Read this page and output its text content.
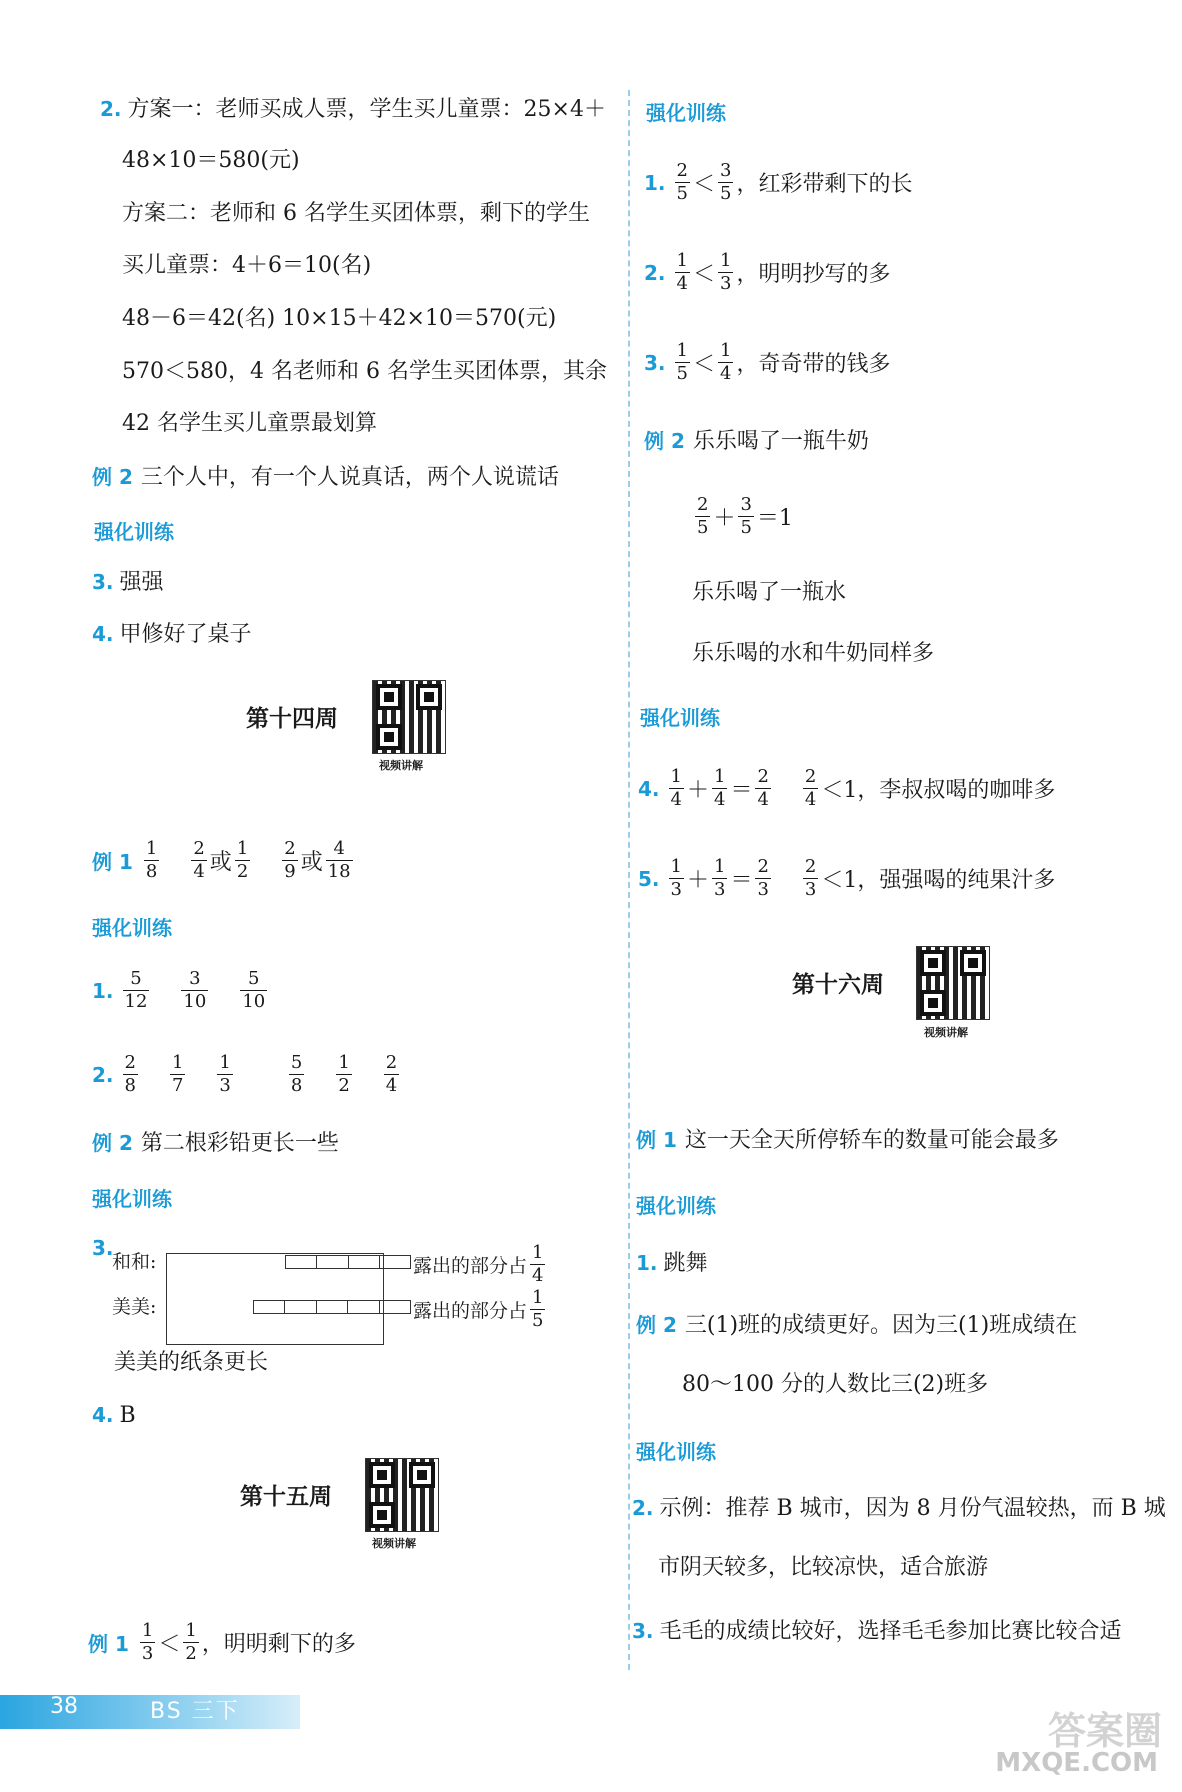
2. 方案一：老师买成人票，学生买儿童票：25×4＋
48×10＝580(元)
方案二：老师和 6 名学生买团体票，剩下的学生
买儿童票：4＋6＝10(名)
48－6＝42(名) 10×15＋42×10＝570(元)
570＜580，4 名老师和 6 名学生买团体票，其余
42 名学生买儿童票最划算
例 2 三个人中，有一个人说真话，两个人说谎话
强化训练
3. 强强
4. 甲修好了桌子
第十四周
视频讲解
例 $1 \frac{1}{8} \frac{2}{4}$ 或 $\frac{1}{2} \frac{2}{9}$ 或 $\frac{4}{18}$
强化训练
1. $\frac{5}{12} \frac{3}{10} \frac{5}{10}$
2. $\frac{2}{8} \frac{1}{7} \frac{1}{3}$	$\frac{5}{8} \frac{1}{2} \frac{2}{4}$
例 2 第二根彩铅更长一些
强化训练
3.
和和:
美美:
露出的部分占 $\frac{1}{4}$
露出的部分占 $\frac{1}{5}$
美美的纸条更长
4. B
第十五周
视频讲解
例 $1 \frac{1}{3} < \frac{1}{2}$ ，明明剩下的多
强化训练
1. $\frac{2}{5} < \frac{3}{5}$ ，红彩带剩下的长
2. $\frac{1}{4} < \frac{1}{3}$ ，明明抄写的多
3. $\frac{1}{5} < \frac{1}{4}$ ，奇奇带的钱多
例 2 乐乐喝了一瓶牛奶
$\frac{2}{5} + \frac{3}{5} =1$
乐乐喝了一瓶水
乐乐喝的水和牛奶同样多
强化训练
4. $\frac{1}{4} + \frac{1}{4} = \frac{2}{4} \frac{2}{4} <1$ ，李叔叔喝的咖啡多
5. $\frac{1}{3} + \frac{1}{3} = \frac{2}{3} \frac{2}{3} <1$ ，强强喝的纯果汁多
第十六周
视频讲解
例 1 这一天全天所停轿车的数量可能会最多
强化训练
1. 跳舞
例 2 三(1)班的成绩更好。因为三(1)班成绩在
80～100 分的人数比三(2)班多
强化训练
2. 示例：推荐 B 城市，因为 8 月份气温较热，而 B 城
市阴天较多，比较凉快，适合旅游
3. 毛毛的成绩比较好，选择毛毛参加比赛比较合适
38	BS 三下	答案圈
MXQE.COM
